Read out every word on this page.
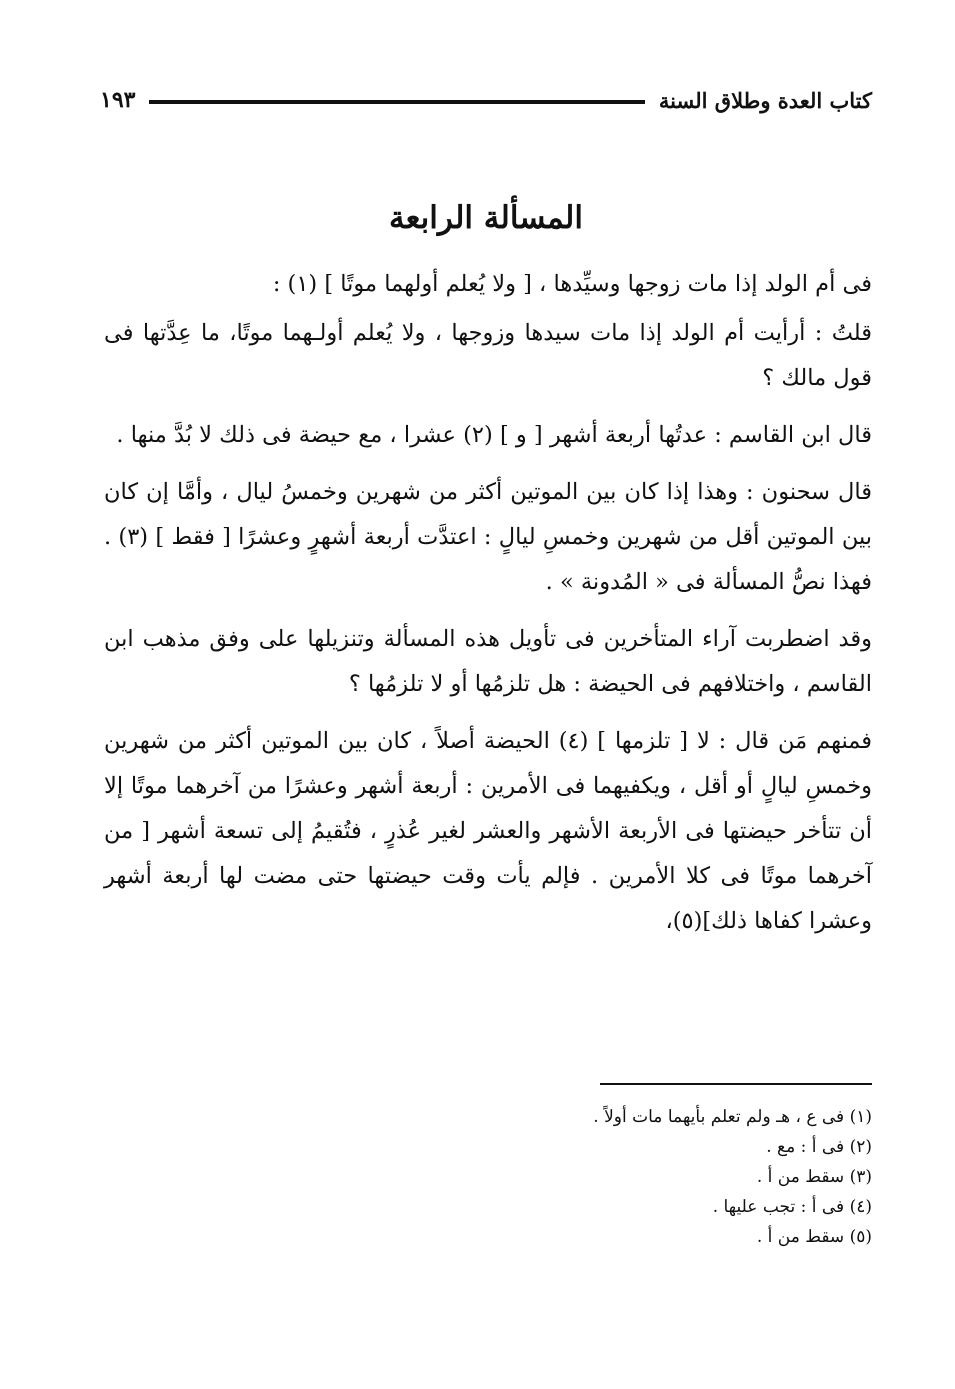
كتاب العدة وطلاق السنة
١٩٣
المسألة الرابعة

فى أم الولد إذا مات زوجها وسيِّدها ، [ ولا يُعلم أولهما موتًا ] (١) :

قلتُ : أرأيت أم الولد إذا مات سيدها وزوجها ، ولا يُعلم أولـهما موتًا، ما عِدَّتها فى قول مالك ؟

قال ابن القاسم : عدتُها أربعة أشهر [ و ] (٢) عشرا ، مع حيضة فى ذلك لا بُدَّ منها .

قال سحنون : وهذا إذا كان بين الموتين أكثر من شهرين وخمسُ ليال ، وأمَّا إن كان بين الموتين أقل من شهرين وخمسِ ليالٍ : اعتدَّت أربعة أشهرٍ وعشرًا [ فقط ] (٣) . فهذا نصُّ المسألة فى « المُدونة » .

وقد اضطربت آراء المتأخرين فى تأويل هذه المسألة وتنزيلها على وفق مذهب ابن القاسم ، واختلافهم فى الحيضة : هل تلزمُها أو لا تلزمُها ؟

فمنهم مَن قال : لا [ تلزمها ] (٤) الحيضة أصلاً ، كان بين الموتين أكثر من شهرين وخمسِ ليالٍ أو أقل ، ويكفيهما فى الأمرين : أربعة أشهر وعشرًا من آخرهما موتًا إلا أن تتأخر حيضتها فى الأربعة الأشهر والعشر لغير عُذرٍ ، فتُقيمُ إلى تسعة أشهر [ من آخرهما موتًا فى كلا الأمرين . فإلم يأت وقت حيضتها حتى مضت لها أربعة أشهر وعشرا كفاها ذلك](٥)،

(١) فى ع ، هـ ولم تعلم بأيهما مات أولاً .

(٢) فى أ : مع .

(٣) سقط من أ .

(٤) فى أ : تجب عليها .

(٥) سقط من أ .
